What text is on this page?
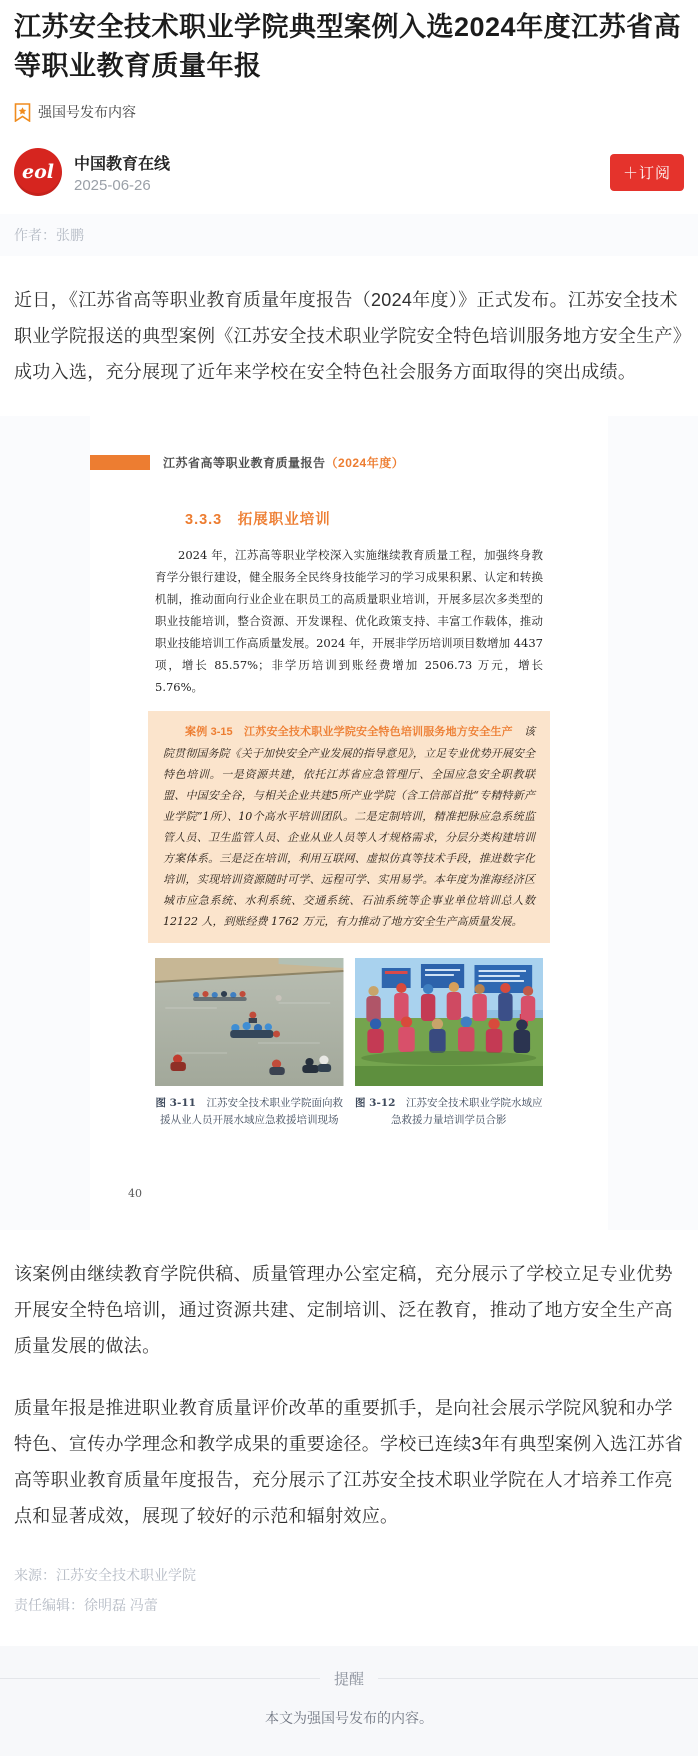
江苏安全技术职业学院典型案例入选2024年度江苏省高等职业教育质量年报
强国号发布内容
eol 中国教育在线
2025-06-26
＋订阅
作者：张鹏

近日，《江苏省高等职业教育质量年度报告（2024年度）》正式发布。江苏安全技术职业学院报送的典型案例《江苏安全技术职业学院安全特色培训服务地方安全生产》成功入选，充分展现了近年来学校在安全特色社会服务方面取得的突出成绩。

江苏省高等职业教育质量报告 （ 2024 年度）
3.3.3　拓展职业培训

2024 年，江苏高等职业学校深入实施继续教育质量工程，加强终身教育学分银行建设，健全服务全民终身技能学习的学习成果积累、认定和转换机制，推动面向行业企业在职员工的高质量职业培训，开展多层次多类型的职业技能培训，整合资源、开发课程、优化政策支持、丰富工作载体，推动职业技能培训工作高质量发展。2024 年，开展非学历培训项目数增加 4437 项，增长 85.57%；非学历培训到账经费增加 2506.73 万元，增长 5.76%。

案例 3-15　江苏安全技术职业学院安全特色培训服务地方安全生产　该院贯彻国务院《关于加快安全产业发展的指导意见》，立足专业优势开展安全特色培训。一是资源共建，依托江苏省应急管理厅、全国应急安全职教联盟、中国安全谷，与相关企业共建5所产业学院（含工信部首批“专精特新产业学院”1所）、10个高水平培训团队。二是定制培训，精准把脉应急系统监管人员、卫生监管人员、企业从业人员等人才规格需求，分层分类构建培训方案体系。三是泛在培训，利用互联网、虚拟仿真等技术手段，推进数字化培训，实现培训资源随时可学、远程可学、实用易学。本年度为淮海经济区城市应急系统、水利系统、交通系统、石油系统等企事业单位培训总人数 12122 人，到账经费 1762 万元，有力推动了地方安全生产高质量发展。

图 3-11　江苏安全技术职业学院面向救援从业人员开展水域应急救援培训现场
图 3-12　江苏安全技术职业学院水域应急救援力量培训学员合影
40

该案例由继续教育学院供稿、质量管理办公室定稿，充分展示了学校立足专业优势开展安全特色培训，通过资源共建、定制培训、泛在教育，推动了地方安全生产高质量发展的做法。

质量年报是推进职业教育质量评价改革的重要抓手，是向社会展示学院风貌和办学特色、宣传办学理念和教学成果的重要途径。学校已连续3年有典型案例入选江苏省高等职业教育质量年度报告，充分展示了江苏安全技术职业学院在人才培养工作亮点和显著成效，展现了较好的示范和辐射效应。

来源：江苏安全技术职业学院
责任编辑：徐明磊 冯蕾
提醒
本文为强国号发布的内容。
